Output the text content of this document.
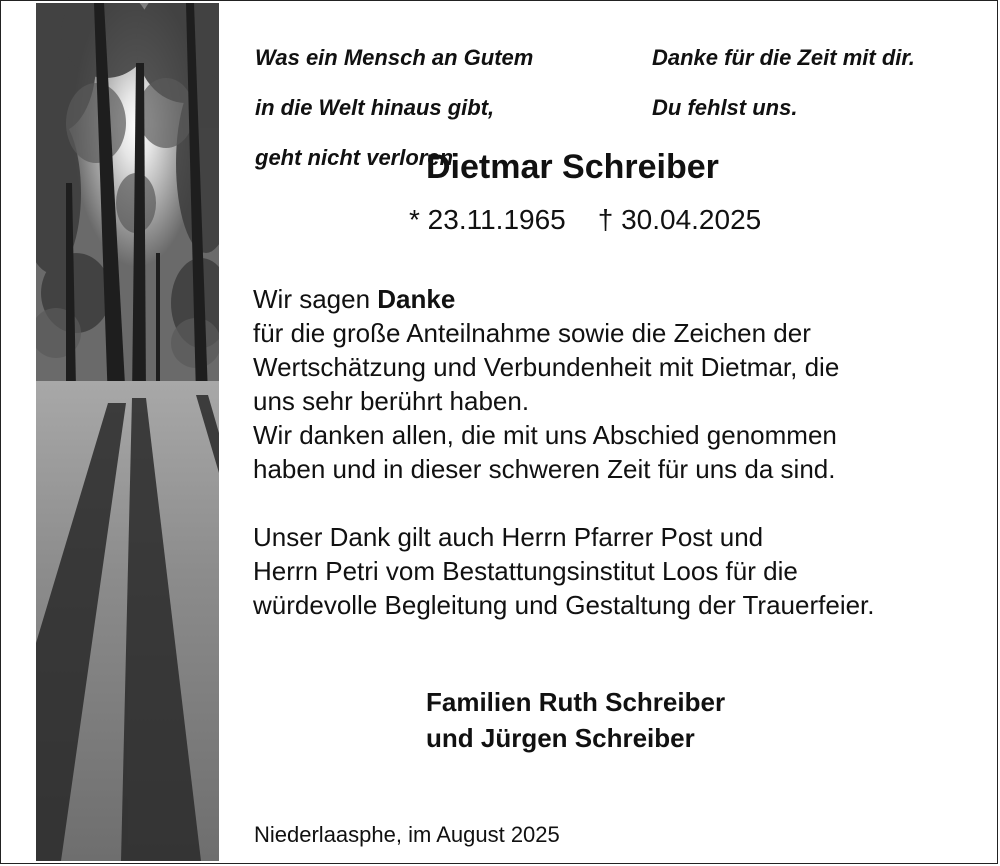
Was ein Mensch an Gutem

in die Welt hinaus gibt,

geht nicht verloren.

Danke für die Zeit mit dir.

Du fehlst uns.

Dietmar Schreiber
* 23.11.1965 † 30.04.2025
Wir sagen Danke
für die große Anteilnahme sowie die Zeichen der
Wertschätzung und Verbundenheit mit Dietmar, die
uns sehr berührt haben.
Wir danken allen, die mit uns Abschied genommen
haben und in dieser schweren Zeit für uns da sind.
Unser Dank gilt auch Herrn Pfarrer Post und
Herrn Petri vom Bestattungsinstitut Loos für die
würdevolle Begleitung und Gestaltung der Trauerfeier.
Familien Ruth Schreiber
und Jürgen Schreiber
Niederlaasphe, im August 2025
